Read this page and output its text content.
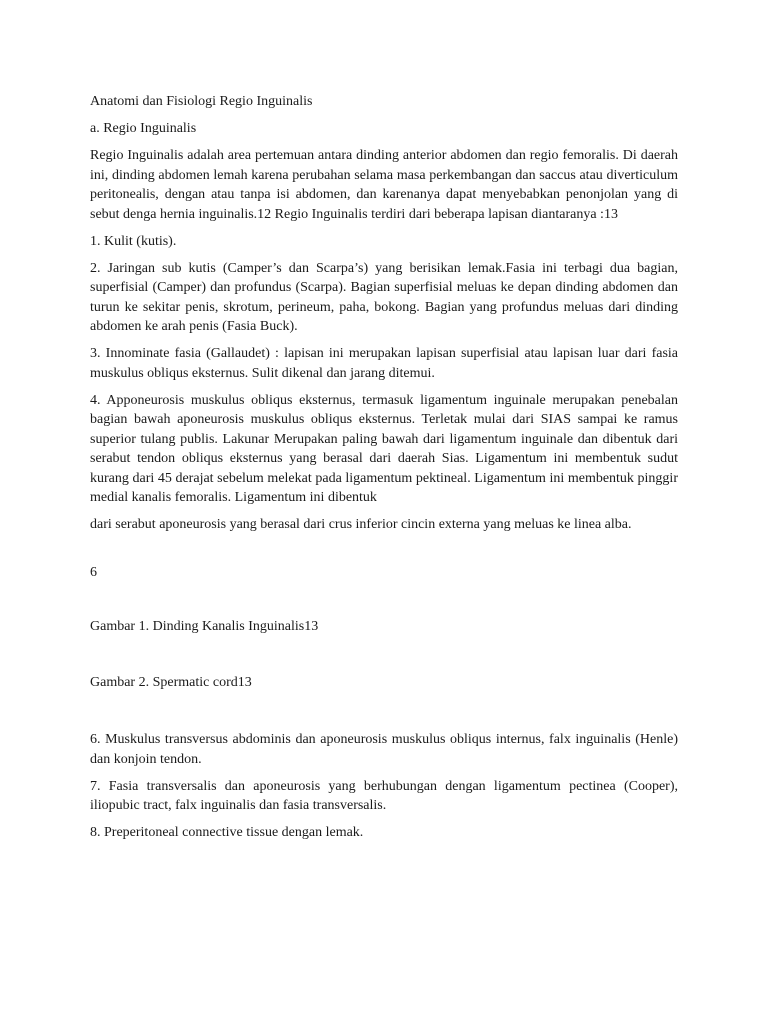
Anatomi dan Fisiologi Regio Inguinalis

a. Regio Inguinalis

Regio Inguinalis adalah area pertemuan antara dinding anterior abdomen dan regio femoralis. Di daerah ini, dinding abdomen lemah karena perubahan selama masa perkembangan dan saccus atau diverticulum peritonealis, dengan atau tanpa isi abdomen, dan karenanya dapat menyebabkan penonjolan yang di sebut denga hernia inguinalis.12 Regio Inguinalis terdiri dari beberapa lapisan diantaranya :13

1. Kulit (kutis).

2. Jaringan sub kutis (Camper’s dan Scarpa’s) yang berisikan lemak.Fasia ini terbagi dua bagian, superfisial (Camper) dan profundus (Scarpa). Bagian superfisial meluas ke depan dinding abdomen dan turun ke sekitar penis, skrotum, perineum, paha, bokong. Bagian yang profundus meluas dari dinding abdomen ke arah penis (Fasia Buck).

3. Innominate fasia (Gallaudet) : lapisan ini merupakan lapisan superfisial atau lapisan luar dari fasia muskulus obliqus eksternus. Sulit dikenal dan jarang ditemui.

4. Apponeurosis muskulus obliqus eksternus, termasuk ligamentum inguinale merupakan penebalan bagian bawah aponeurosis muskulus obliqus eksternus. Terletak mulai dari SIAS sampai ke ramus superior tulang publis. Lakunar Merupakan paling bawah dari ligamentum inguinale dan dibentuk dari serabut tendon obliqus eksternus yang berasal dari daerah Sias. Ligamentum ini membentuk sudut kurang dari 45 derajat sebelum melekat pada ligamentum pektineal. Ligamentum ini membentuk pinggir medial kanalis femoralis. Ligamentum ini dibentuk

dari serabut aponeurosis yang berasal dari crus inferior cincin externa yang meluas ke linea alba.

6

Gambar 1. Dinding Kanalis Inguinalis13

Gambar 2. Spermatic cord13

6. Muskulus transversus abdominis dan aponeurosis muskulus obliqus internus, falx inguinalis (Henle) dan konjoin tendon.

7. Fasia transversalis dan aponeurosis yang berhubungan dengan ligamentum pectinea (Cooper), iliopubic tract, falx inguinalis dan fasia transversalis.

8. Preperitoneal connective tissue dengan lemak.
